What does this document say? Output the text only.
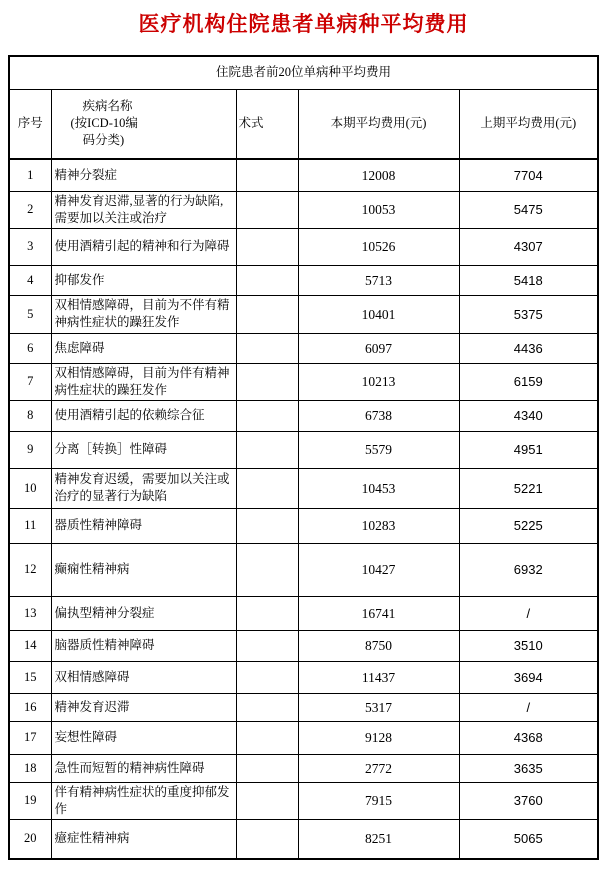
医疗机构住院患者单病种平均费用
住院患者前20位单病种平均费用				
序号	疾病名称
(按ICD-10编
码分类)	术式	本期平均费用(元)	上期平均费用(元)
1	精神分裂症		12008	7704
2	精神发育迟滞,显著的行为缺陷,需要加以关注或治疗		10053	5475
3	使用酒精引起的精神和行为障碍		10526	4307
4	抑郁发作		5713	5418
5	双相情感障碍，目前为不伴有精神病性症状的躁狂发作		10401	5375
6	焦虑障碍		6097	4436
7	双相情感障碍，目前为伴有精神病性症状的躁狂发作		10213	6159
8	使用酒精引起的依赖综合征		6738	4340
9	分离［转换］性障碍		5579	4951
10	精神发育迟缓，需要加以关注或治疗的显著行为缺陷		10453	5221
11	器质性精神障碍		10283	5225
12	癫痫性精神病		10427	6932
13	偏执型精神分裂症		16741	/
14	脑器质性精神障碍		8750	3510
15	双相情感障碍		11437	3694
16	精神发育迟滞		5317	/
17	妄想性障碍		9128	4368
18	急性而短暂的精神病性障碍		2772	3635
19	伴有精神病性症状的重度抑郁发作		7915	3760
20	癔症性精神病		8251	5065
